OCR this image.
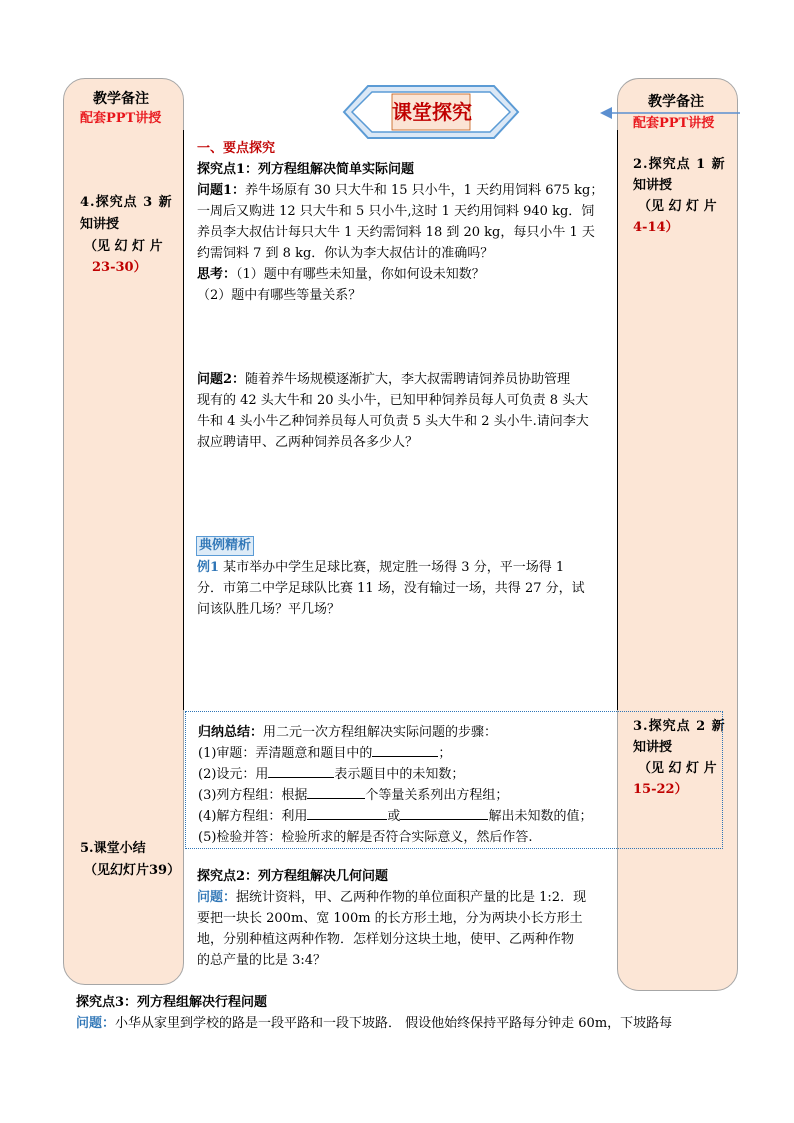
教学备注
配套PPT讲授
4.探究点 3 新
知讲授
（见 幻 灯 片
23-30）
5.课堂小结
（见幻灯片39）
教学备注
配套PPT讲授
2.探究点 1 新
知讲授
（见 幻 灯 片
4-14）
3.探究点 2 新
知讲授
（见 幻 灯 片
15-22）
课堂探究
一、要点探究
探究点1：列方程组解决简单实际问题
问题1：养牛场原有 30 只大牛和 15 只小牛，1 天约用饲料 675 kg；
一周后又购进 12 只大牛和 5 只小牛,这时 1 天约用饲料 940 kg．饲
养员李大叔估计每只大牛 1 天约需饲料 18 到 20 kg，每只小牛 1 天
约需饲料 7 到 8 kg．你认为李大叔估计的准确吗？
思考：（1）题中有哪些未知量，你如何设未知数？
（2）题中有哪些等量关系？
问题2：随着养牛场规模逐渐扩大，李大叔需聘请饲养员协助管理
现有的 42 头大牛和 20 头小牛，已知甲种饲养员每人可负责 8 头大
牛和 4 头小牛乙种饲养员每人可负责 5 头大牛和 2 头小牛.请问李大
叔应聘请甲、乙两种饲养员各多少人？
典例精析
例1 某市举办中学生足球比赛，规定胜一场得 3 分，平一场得 1
分．市第二中学足球队比赛 11 场，没有输过一场，共得 27 分，试
问该队胜几场？平几场？
归纳总结：用二元一次方程组解决实际问题的步骤：
(1)审题：弄清题意和题目中的	；
(2)设元：用	表示题目中的未知数；
(3)列方程组：根据	个等量关系列出方程组；
(4)解方程组：利用	或	解出未知数的值；
(5)检验并答：检验所求的解是否符合实际意义，然后作答.
探究点2：列方程组解决几何问题
问题：据统计资料，甲、乙两种作物的单位面积产量的比是 1:2．现
要把一块长 200m、宽 100m 的长方形土地，分为两块小长方形土
地，分别种植这两种作物．怎样划分这块土地，使甲、乙两种作物
的总产量的比是 3:4？
探究点3：列方程组解决行程问题
问题：小华从家里到学校的路是一段平路和一段下坡路． 假设他始终保持平路每分钟走 60m，下坡路每
